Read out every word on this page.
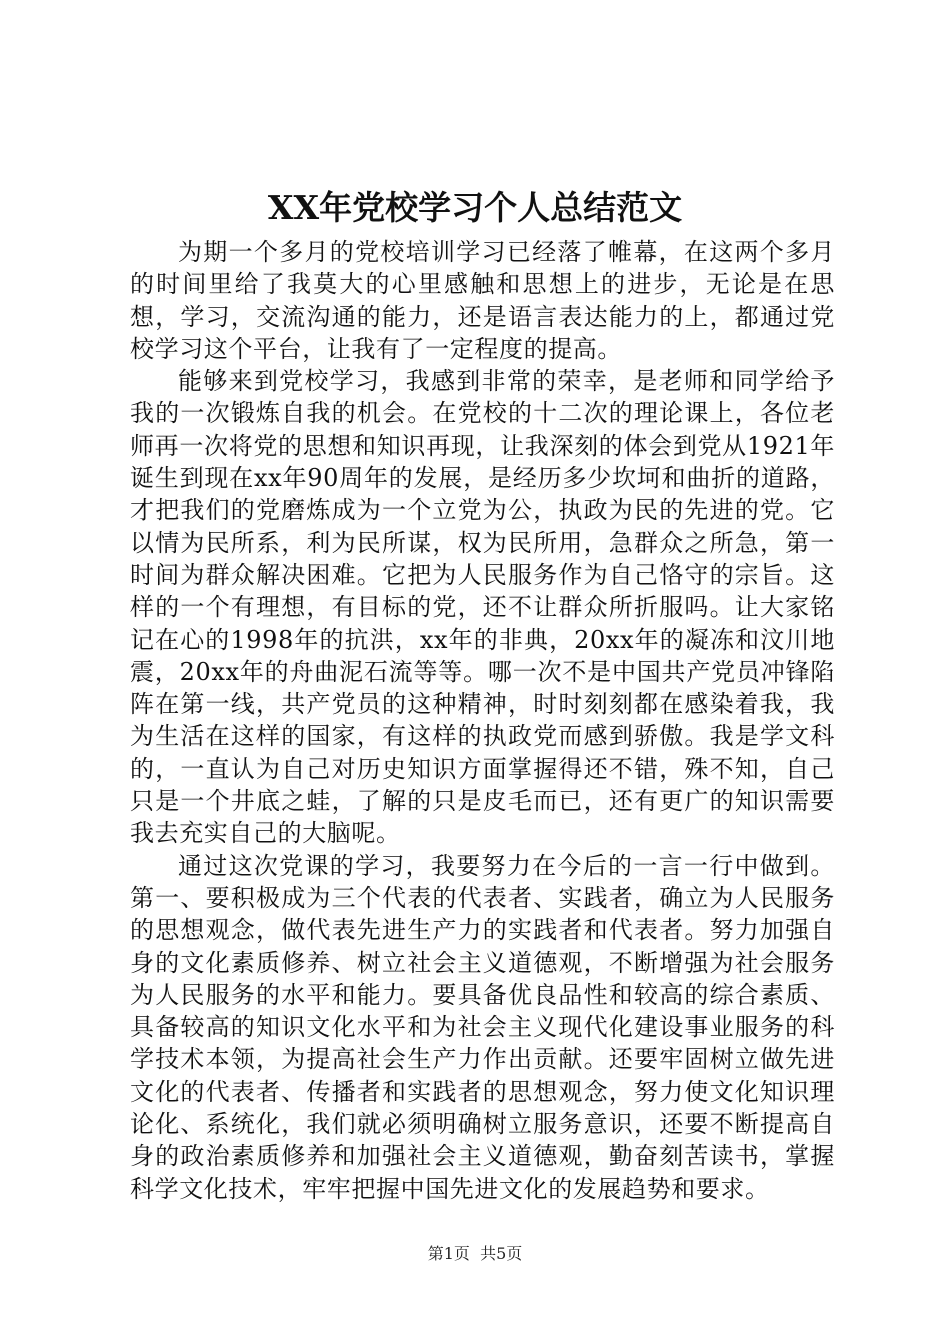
XX年党校学习个人总结范文

为期一个多月的党校培训学习已经落了帷幕，在这两个多月的时间里给了我莫大的心里感触和思想上的进步，无论是在思想，学习，交流沟通的能力，还是语言表达能力的上，都通过党校学习这个平台，让我有了一定程度的提高。

能够来到党校学习，我感到非常的荣幸，是老师和同学给予我的一次锻炼自我的机会。在党校的十二次的理论课上，各位老师再一次将党的思想和知识再现，让我深刻的体会到党从1921年诞生到现在xx年90周年的发展，是经历多少坎坷和曲折的道路，才把我们的党磨炼成为一个立党为公，执政为民的先进的党。它以情为民所系，利为民所谋，权为民所用，急群众之所急，第一时间为群众解决困难。它把为人民服务作为自己恪守的宗旨。这样的一个有理想，有目标的党，还不让群众所折服吗。让大家铭记在心的1998年的抗洪，xx年的非典，20xx年的凝冻和汶川地震，20xx年的舟曲泥石流等等。哪一次不是中国共产党员冲锋陷阵在第一线，共产党员的这种精神，时时刻刻都在感染着我，我为生活在这样的国家，有这样的执政党而感到骄傲。我是学文科的，一直认为自己对历史知识方面掌握得还不错，殊不知，自己只是一个井底之蛙，了解的只是皮毛而已，还有更广的知识需要我去充实自己的大脑呢。

通过这次党课的学习，我要努力在今后的一言一行中做到。第一、要积极成为三个代表的代表者、实践者，确立为人民服务的思想观念，做代表先进生产力的实践者和代表者。努力加强自身的文化素质修养、树立社会主义道德观，不断增强为社会服务为人民服务的水平和能力。要具备优良品性和较高的综合素质、具备较高的知识文化水平和为社会主义现代化建设事业服务的科学技术本领，为提高社会生产力作出贡献。还要牢固树立做先进文化的代表者、传播者和实践者的思想观念，努力使文化知识理论化、系统化，我们就必须明确树立服务意识，还要不断提高自身的政治素质修养和加强社会主义道德观，勤奋刻苦读书，掌握科学文化技术，牢牢把握中国先进文化的发展趋势和要求。

第1页  共5页
